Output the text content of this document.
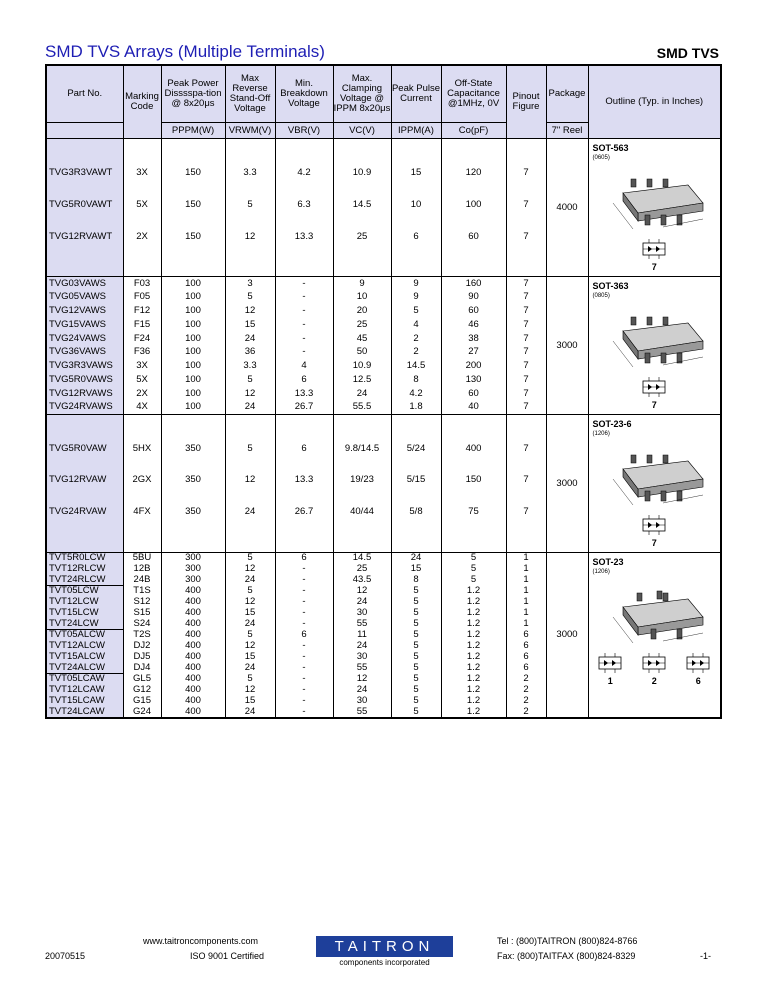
SMD TVS Arrays (Multiple Terminals)	SMD TVS
Part No.	Marking Code	Peak Power Disssspa-tion @ 8x20μs	Max Reverse Stand-Off Voltage	Min. Breakdown Voltage	Max. Clamping Voltage @ IPPM 8x20μs	Peak Pulse Current	Off-State Capacitance @1MHz, 0V	Pinout Figure	Package	Outline (Typ. in Inches)
		PPPM(W)	VRWM(V)	VBR(V)	VC(V)	IPPM(A)	Co(pF)		7" Reel	
TVG3R3VAWT	3X	150	3.3	4.2	10.9	15	120	7	4000	SOT-563
(0605)
7

TVG5R0VAWT	5X	150	5	6.3	14.5	10	100	7		
TVG12RVAWT	2X	150	12	13.3	25	6	60	7		
TVG03VAWS	F03	100	3	-	9	9	160	7	3000	SOT-363
(0805)
7

TVG05VAWS	F05	100	5	-	10	9	90	7		
TVG12VAWS	F12	100	12	-	20	5	60	7		
TVG15VAWS	F15	100	15	-	25	4	46	7		
TVG24VAWS	F24	100	24	-	45	2	38	7		
TVG36VAWS	F36	100	36	-	50	2	27	7		
TVG3R3VAWS	3X	100	3.3	4	10.9	14.5	200	7		
TVG5R0VAWS	5X	100	5	6	12.5	8	130	7		
TVG12RVAWS	2X	100	12	13.3	24	4.2	60	7		
TVG24RVAWS	4X	100	24	26.7	55.5	1.8	40	7		
TVG5R0VAW	5HX	350	5	6	9.8/14.5	5/24	400	7	3000	SOT-23-6
(1206)
7

TVG12RVAW	2GX	350	12	13.3	19/23	5/15	150	7		
TVG24RVAW	4FX	350	24	26.7	40/44	5/8	75	7		
TVT5R0LCW	5BU	300	5	6	14.5	24	5	1	3000	SOT-23
(1206)
1 2 6

TVT12RLCW	12B	300	12	-	25	15	5	1		
TVT24RLCW	24B	300	24	-	43.5	8	5	1		
TVT05LCW	T1S	400	5	-	12	5	1.2	1		
TVT12LCW	S12	400	12	-	24	5	1.2	1		
TVT15LCW	S15	400	15	-	30	5	1.2	1		
TVT24LCW	S24	400	24	-	55	5	1.2	1		
TVT05ALCW	T2S	400	5	6	11	5	1.2	6		
TVT12ALCW	DJ2	400	12	-	24	5	1.2	6		
TVT15ALCW	DJ5	400	15	-	30	5	1.2	6		
TVT24ALCW	DJ4	400	24	-	55	5	1.2	6		
TVT05LCAW	GL5	400	5	-	12	5	1.2	2		
TVT12LCAW	G12	400	12	-	24	5	1.2	2		
TVT15LCAW	G15	400	15	-	30	5	1.2	2		
TVT24LCAW	G24	400	24	-	55	5	1.2	2		
www.taitroncomponents.com
20070515	ISO 9001 Certified
TAITRON
components incorporated
Tel : (800)TAITRON (800)824-8766
Fax: (800)TAITFAX (800)824-8329	-1-
